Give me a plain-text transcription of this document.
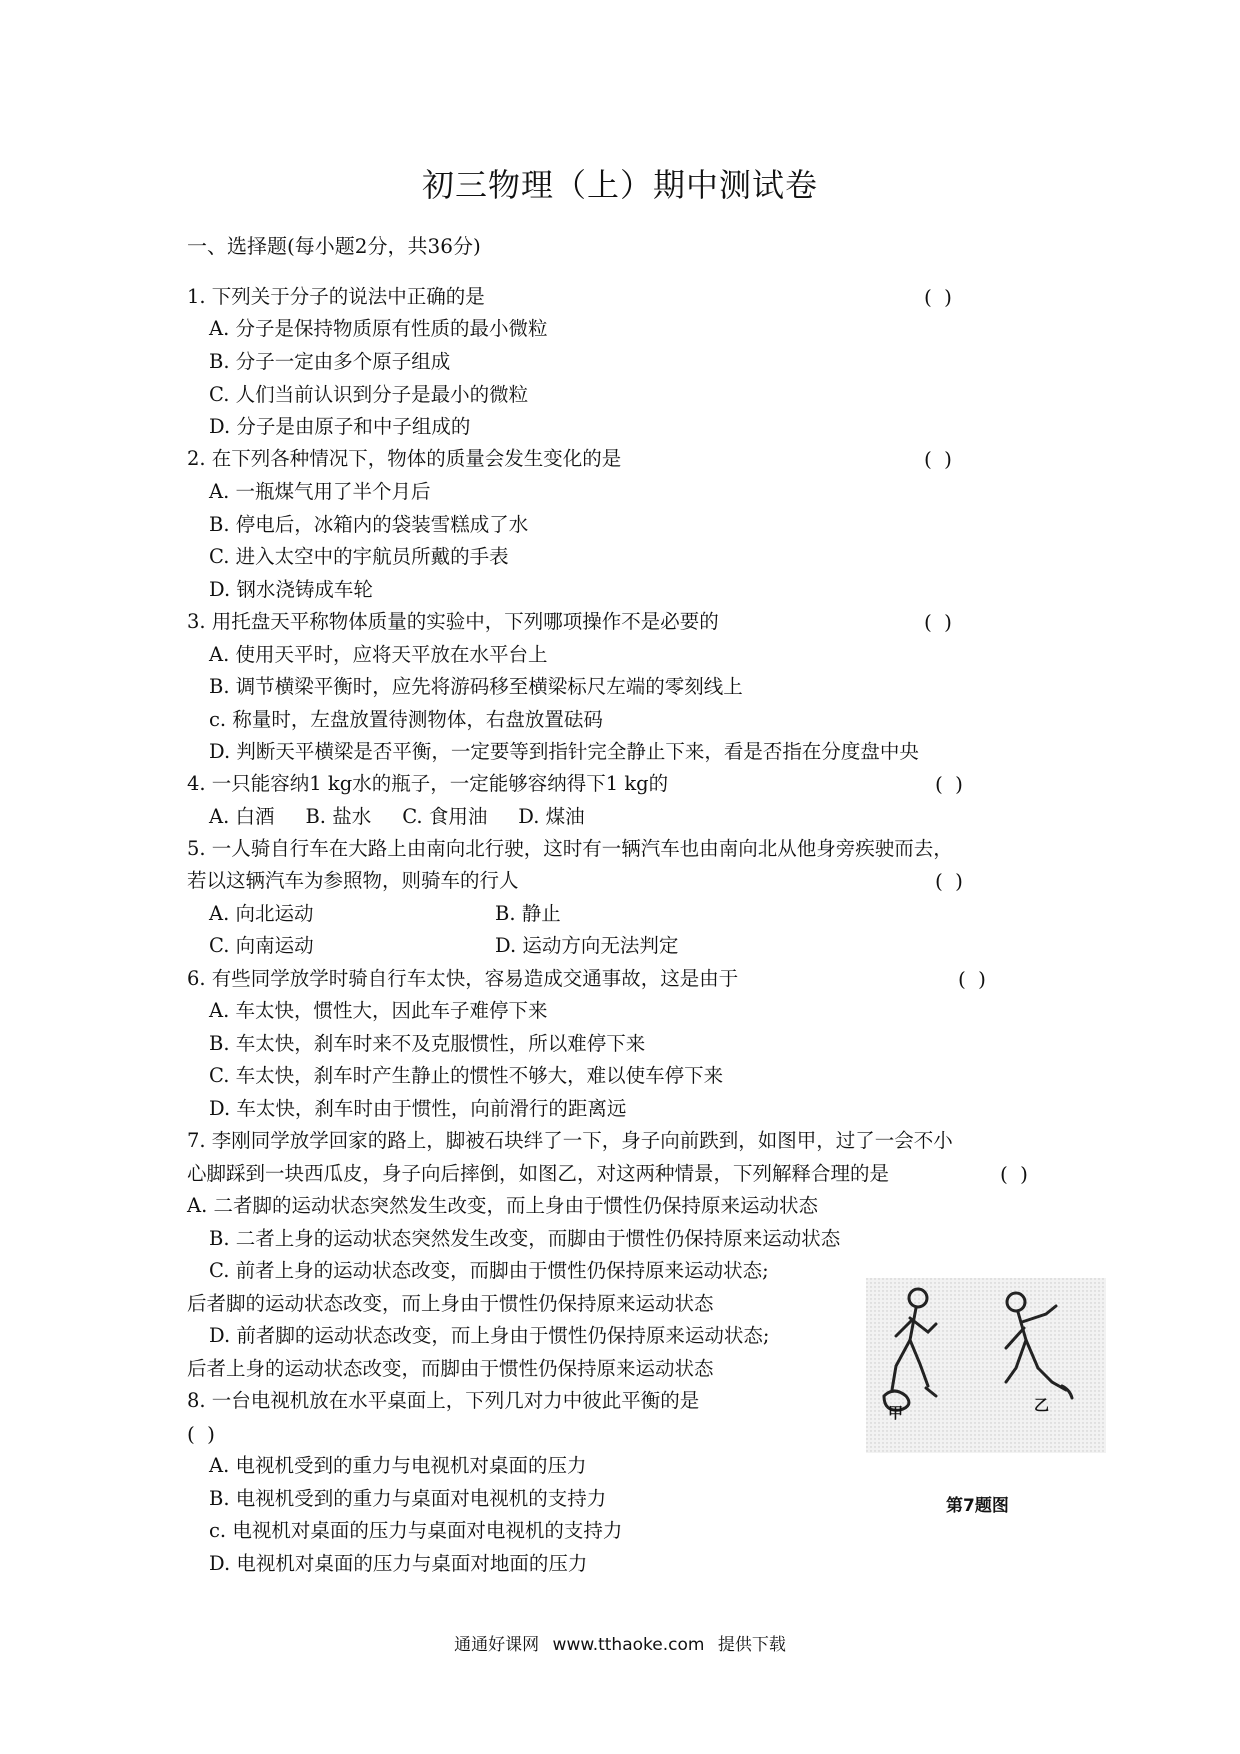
初三物理（上）期中测试卷
一、选择题(每小题2分，共36分)
1. 下列关于分子的说法中正确的是	( )
A. 分子是保持物质原有性质的最小微粒
B. 分子一定由多个原子组成
C. 人们当前认识到分子是最小的微粒
D. 分子是由原子和中子组成的
2. 在下列各种情况下，物体的质量会发生变化的是	( )
A. 一瓶煤气用了半个月后
B. 停电后，冰箱内的袋装雪糕成了水
C. 进入太空中的宇航员所戴的手表
D. 钢水浇铸成车轮
3. 用托盘天平称物体质量的实验中，下列哪项操作不是必要的	( )
A. 使用天平时，应将天平放在水平台上
B. 调节横梁平衡时，应先将游码移至横梁标尺左端的零刻线上
c. 称量时，左盘放置待测物体，右盘放置砝码
D. 判断天平横梁是否平衡，一定要等到指针完全静止下来，看是否指在分度盘中央
4. 一只能容纳1 kg水的瓶子，一定能够容纳得下1 kg的	( )
A. 白酒     B. 盐水     C. 食用油     D. 煤油
5. 一人骑自行车在大路上由南向北行驶，这时有一辆汽车也由南向北从他身旁疾驶而去，
若以这辆汽车为参照物，则骑车的行人	( )
A. 向北运动	B. 静止
C. 向南运动	D. 运动方向无法判定
6. 有些同学放学时骑自行车太快，容易造成交通事故，这是由于	( )
A. 车太快，惯性大，因此车子难停下来
B. 车太快，刹车时来不及克服惯性，所以难停下来
C. 车太快，刹车时产生静止的惯性不够大，难以使车停下来
D. 车太快，刹车时由于惯性，向前滑行的距离远
7. 李刚同学放学回家的路上，脚被石块绊了一下，身子向前跌到，如图甲，过了一会不小
心脚踩到一块西瓜皮，身子向后摔倒，如图乙，对这两种情景，下列解释合理的是	( )
A. 二者脚的运动状态突然发生改变，而上身由于惯性仍保持原来运动状态
B. 二者上身的运动状态突然发生改变，而脚由于惯性仍保持原来运动状态
C. 前者上身的运动状态改变，而脚由于惯性仍保持原来运动状态;
后者脚的运动状态改变，而上身由于惯性仍保持原来运动状态
D. 前者脚的运动状态改变，而上身由于惯性仍保持原来运动状态;
后者上身的运动状态改变，而脚由于惯性仍保持原来运动状态
甲	乙
第7题图
8. 一台电视机放在水平桌面上，下列几对力中彼此平衡的是
( )
A. 电视机受到的重力与电视机对桌面的压力
B. 电视机受到的重力与桌面对电视机的支持力
c. 电视机对桌面的压力与桌面对电视机的支持力
D. 电视机对桌面的压力与桌面对地面的压力
通通好课网 www.tthaoke.com 提供下载
